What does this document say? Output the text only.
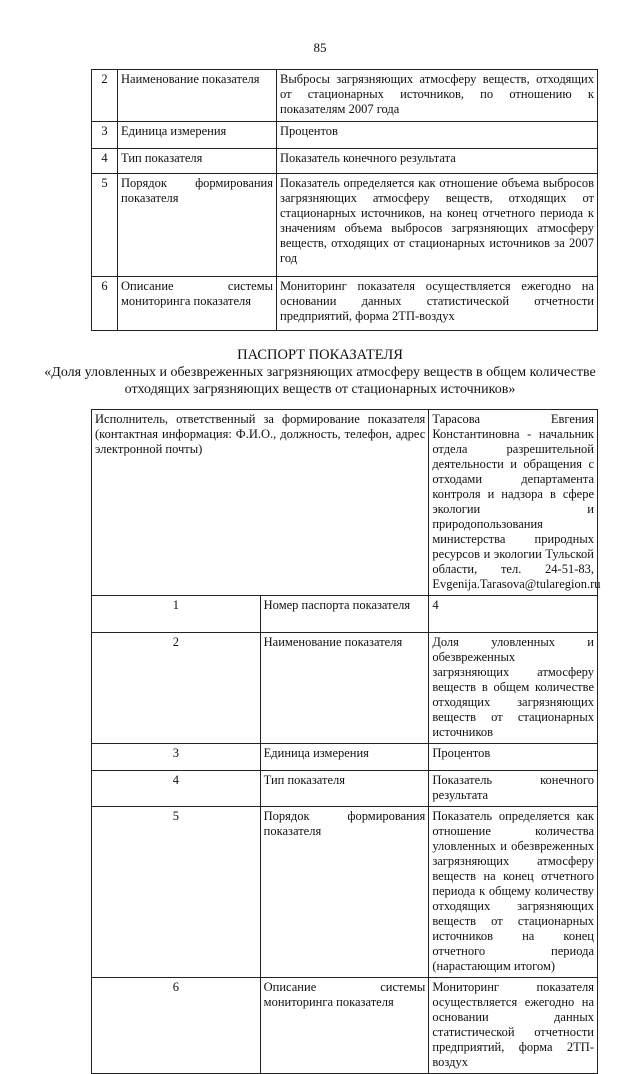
85
2	Наименование показателя	Выбросы загрязняющих атмосферу веществ, отходящих от стационарных источников, по отношению к показателям 2007 года
3	Единица измерения	Процентов
4	Тип показателя	Показатель конечного результата
5	Порядок формирования показателя	Показатель определяется как отношение объема выбросов загрязняющих атмосферу веществ, отходящих от стационарных источников, на конец отчетного периода к значениям объема выбросов загрязняющих атмосферу веществ, отходящих от стационарных источников за 2007 год
6	Описание системы мониторинга показателя	Мониторинг показателя осуществляется ежегодно на основании данных статистической отчетности предприятий, форма 2ТП-воздух
ПАСПОРТ ПОКАЗАТЕЛЯ
«Доля уловленных и обезвреженных загрязняющих атмосферу веществ в общем количестве отходящих загрязняющих веществ от стационарных источников»
Исполнитель, ответственный за формирование показателя (контактная информация: Ф.И.О., должность, телефон, адрес электронной почты)		Тарасова Евгения Константиновна - начальник отдела разрешительной деятельности и обращения с отходами департамента контроля и надзора в сфере экологии и природопользования министерства природных ресурсов и экологии Тульской области, тел. 24-51-83, Evgenija.Tarasova@tularegion.ru
1	Номер паспорта показателя	4
2	Наименование показателя	Доля уловленных и обезвреженных загрязняющих атмосферу веществ в общем количестве отходящих загрязняющих веществ от стационарных источников
3	Единица измерения	Процентов
4	Тип показателя	Показатель конечного результата
5	Порядок формирования показателя	Показатель определяется как отношение количества уловленных и обезвреженных загрязняющих атмосферу веществ на конец отчетного периода к общему количеству отходящих загрязняющих веществ от стационарных источников на конец отчетного периода (нарастающим итогом)
6	Описание системы мониторинга показателя	Мониторинг показателя осуществляется ежегодно на основании данных статистической отчетности предприятий, форма 2ТП-воздух
